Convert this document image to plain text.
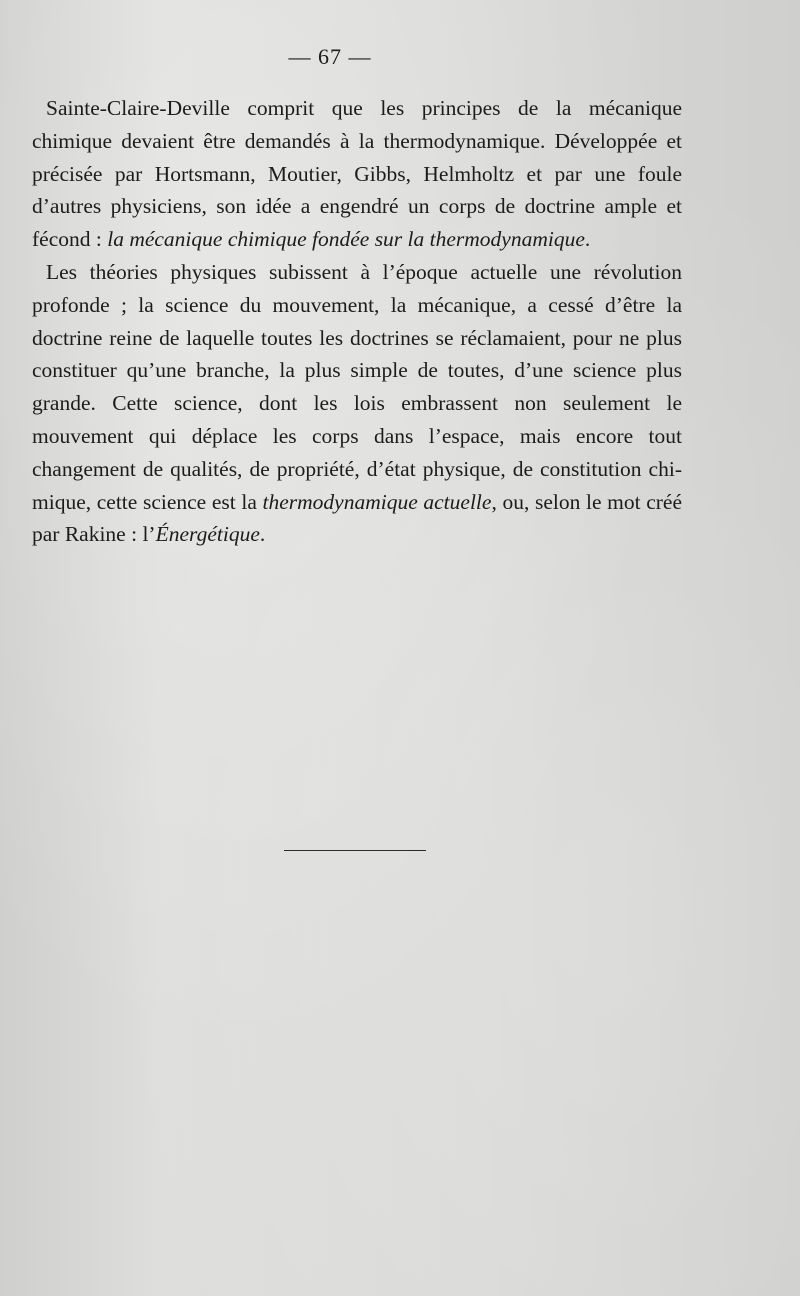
— 67 —

Sainte-Claire-Deville comprit que les principes de la mécanique chimique devaient être demandés à la thermodynamique. Développée et précisée par Hortsmann, Moutier, Gibbs, Helmholtz et par une foule d’autres physiciens, son idée a engendré un corps de doctrine ample et fécond : la mécanique chimique fondée sur la thermodynamique.

Les théories physiques subissent à l’époque actuelle une révolution profonde ; la science du mouvement, la mécanique, a cessé d’être la doctrine reine de laquelle toutes les doctrines se réclamaient, pour ne plus constituer qu’une branche, la plus simple de toutes, d’une science plus grande. Cette science, dont les lois embrassent non seulement le mouvement qui déplace les corps dans l’espace, mais encore tout changement de qualités, de propriété, d’état physique, de constitution chimique, cette science est la thermodynamique actuelle, ou, selon le mot créé par Rakine : l’Énergétique.
